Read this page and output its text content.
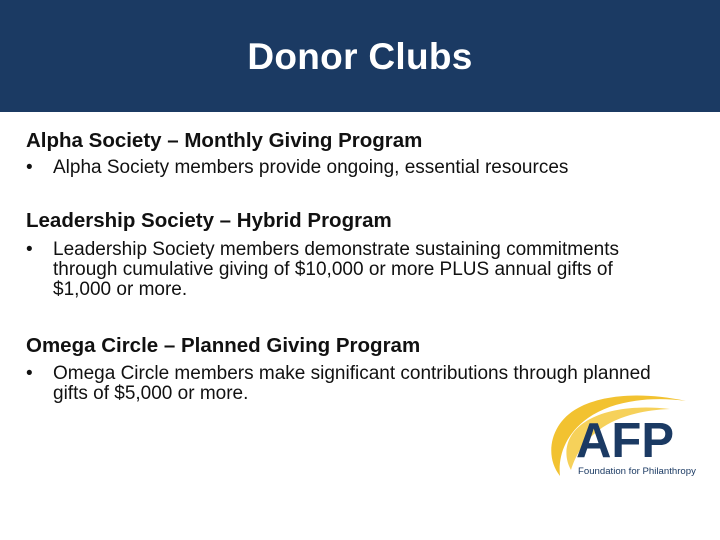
Donor Clubs
Alpha Society – Monthly Giving Program
•	Alpha Society members provide ongoing, essential resources
Leadership Society – Hybrid Program
•	Leadership Society members demonstrate sustaining commitments
through cumulative giving of $10,000 or more PLUS annual gifts of
$1,000 or more.
Omega Circle – Planned Giving Program
•	Omega Circle members make significant contributions through planned
gifts of $5,000 or more.
AFP
Foundation for Philanthropy
